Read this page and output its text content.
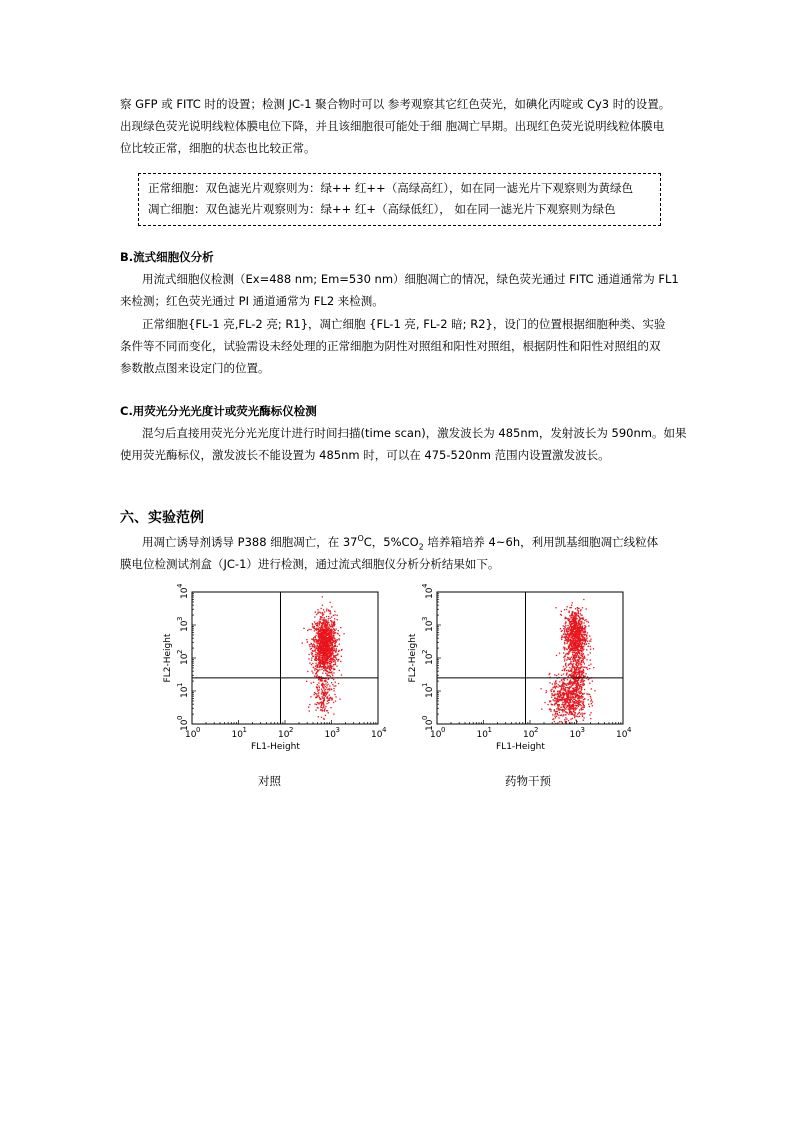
察 GFP 或 FITC 时的设置；检测 JC-1 聚合物时可以 参考观察其它红色荧光，如碘化丙啶或 Cy3 时的设置。
出现绿色荧光说明线粒体膜电位下降，并且该细胞很可能处于细 胞凋亡早期。出现红色荧光说明线粒体膜电
位比较正常，细胞的状态也比较正常。
正常细胞：双色滤光片观察则为：绿++ 红++（高绿高红），如在同一滤光片下观察则为黄绿色
凋亡细胞：双色滤光片观察则为：绿++ 红+（高绿低红）， 如在同一滤光片下观察则为绿色
B.流式细胞仪分析
用流式细胞仪检测（Ex=488 nm; Em=530 nm）细胞凋亡的情况，绿色荧光通过 FITC 通道通常为 FL1
来检测；红色荧光通过 PI 通道通常为 FL2 来检测。
正常细胞{FL-1 亮,FL-2 亮; R1}，凋亡细胞 {FL-1 亮, FL-2 暗; R2}，设门的位置根据细胞种类、实验
条件等不同而变化，试验需设未经处理的正常细胞为阴性对照组和阳性对照组，根据阴性和阳性对照组的双
参数散点图来设定门的位置。
C.用荧光分光光度计或荧光酶标仪检测
混匀后直接用荧光分光光度计进行时间扫描(time scan)，激发波长为 485nm，发射波长为 590nm。如果
使用荧光酶标仪，激发波长不能设置为 485nm 时，可以在 475-520nm 范围内设置激发波长。
六、实验范例
用凋亡诱导剂诱导 P388 细胞凋亡，在 $37^OC$，$5\%CO_2$ 培养箱培养 4~6h，利用凯基细胞凋亡线粒体
膜电位检测试剂盒（JC-1）进行检测，通过流式细胞仪分析分析结果如下。
10 0	10 1	10 2	10 3	10 4
10
0
10
1
10
2
10
3
10
4
FL1-Height
FL2-Height
10 0	10 1	10 2	10 3	10 4
10
0
10
1
10
2
10
3
10
4
FL1-Height
FL2-Height
对照	药物干预
